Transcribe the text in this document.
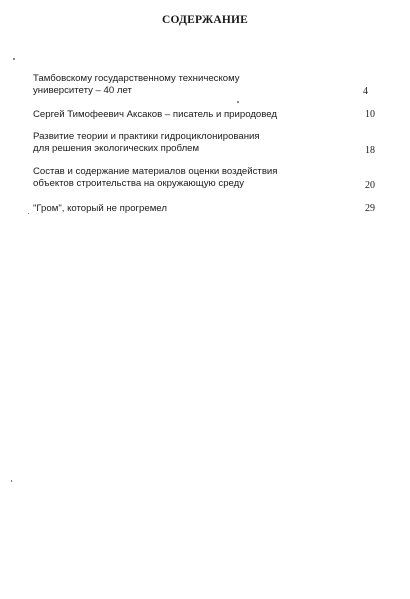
СОДЕРЖАНИЕ
Тамбовскому государственному техническому
университету – 40 лет	4
Сергей Тимофеевич Аксаков – писатель и природовед	10
Развитие теории и практики гидроциклонирования
для решения экологических проблем	18
Состав и содержание материалов оценки воздействия
объектов строительства на окружающую среду	20
"Гром", который не прогремел	29
